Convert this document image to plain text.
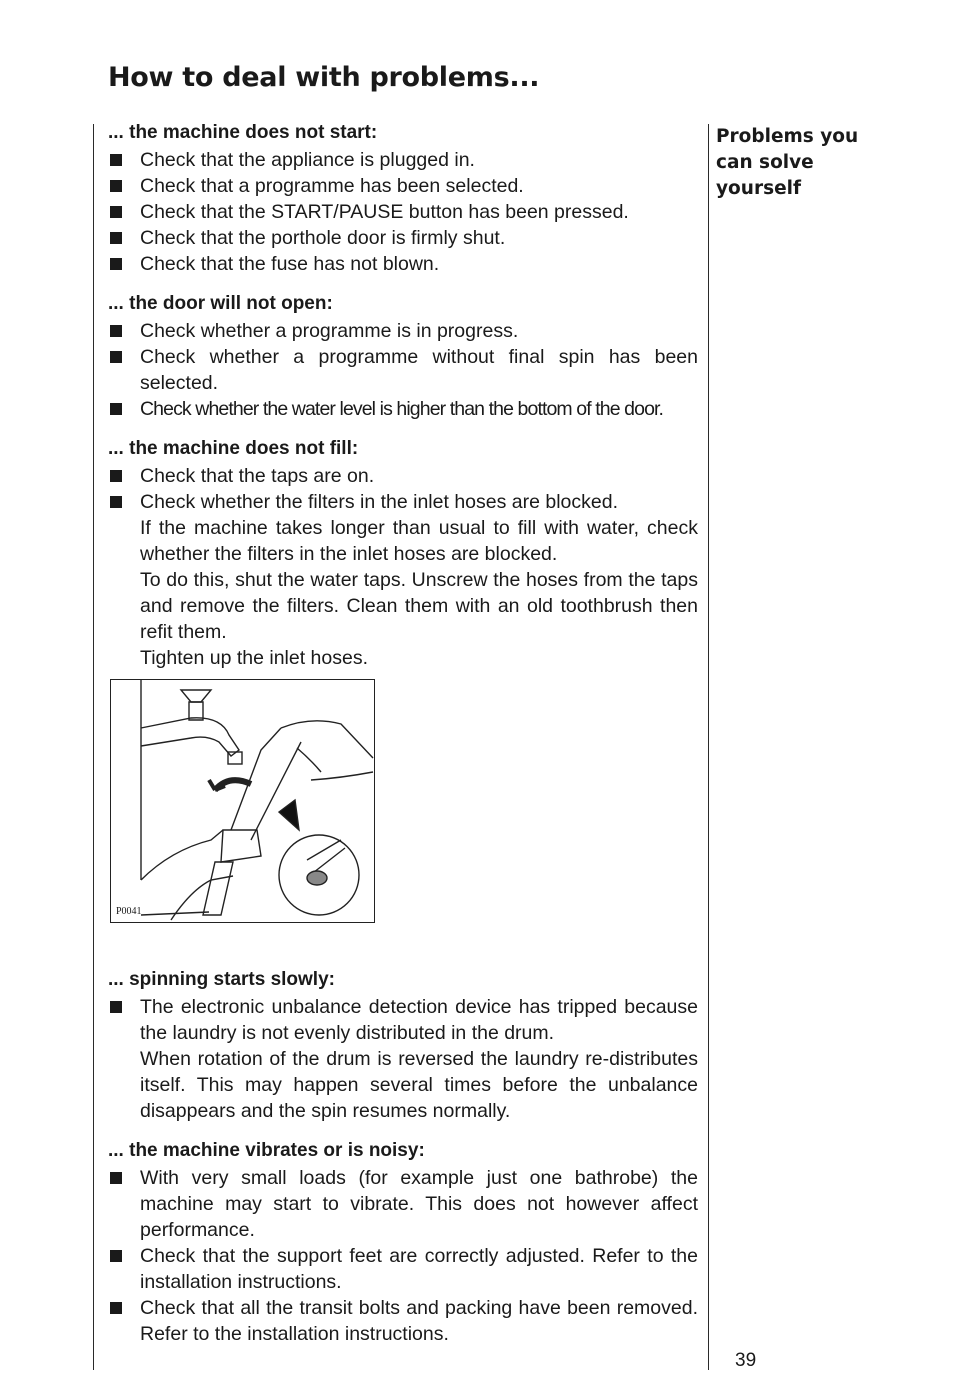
How to deal with problems...
Problems you can solve yourself
... the machine does not start:
Check that the appliance is plugged in.
Check that a programme has been selected.
Check that the START/PAUSE button has been pressed.
Check that the porthole door is firmly shut.
Check that the fuse has not blown.
... the door will not open:
Check whether a programme is in progress.
Check whether a programme without final spin has been selected.
Check whether the water level is higher than the bottom of the door.
... the machine does not fill:
Check that the taps are on.
Check whether the filters in the inlet hoses are blocked.

If the machine takes longer than usual to fill with water, check whether the filters in the inlet hoses are blocked.

To do this, shut the water taps. Unscrew the hoses from the taps and remove the filters. Clean them with an old toothbrush then refit them.

Tighten up the inlet hoses.

P0041
... spinning starts slowly:
The electronic unbalance detection device has tripped because the laundry is not evenly distributed in the drum.

When rotation of the drum is reversed the laundry re-distributes itself. This may happen several times before the unbalance disappears and the spin resumes normally.

... the machine vibrates or is noisy:
With very small loads (for example just one bathrobe) the machine may start to vibrate. This does not however affect performance.
Check that the support feet are correctly adjusted. Refer to the installation instructions.
Check that all the transit bolts and packing have been removed. Refer to the installation instructions.
39
